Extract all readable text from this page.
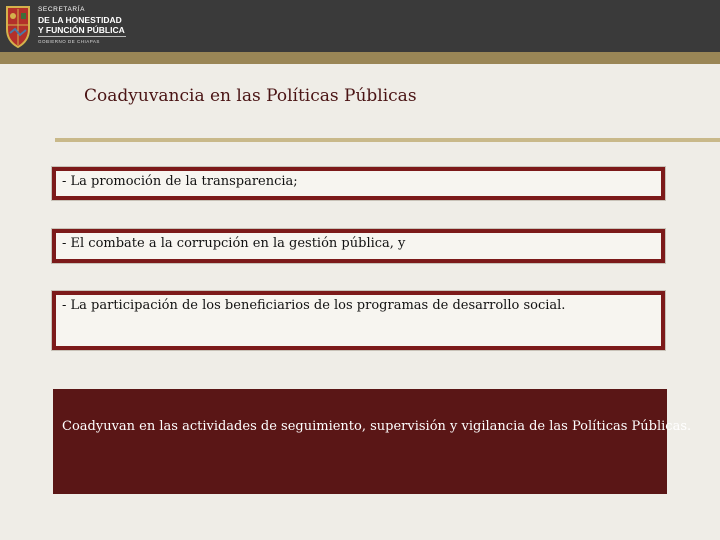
SECRETARÍA
DE LA HONESTIDAD
Y FUNCIÓN PÚBLICA
GOBIERNO DE CHIAPAS
Coadyuvancia en las Políticas Públicas
- La promoción de la transparencia;
- El combate a la corrupción en la gestión pública, y
- La participación de los beneficiarios de los programas de desarrollo social.
Coadyuvan en las actividades de seguimiento, supervisión y vigilancia de las Políticas Públicas.
